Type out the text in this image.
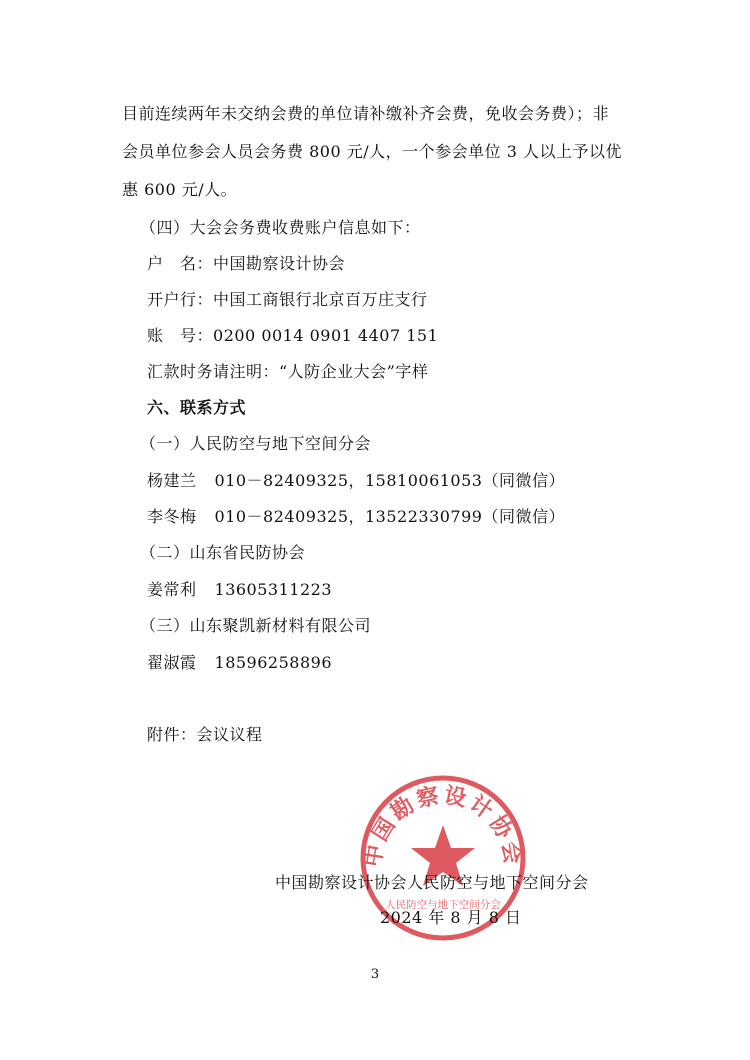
目前连续两年未交纳会费的单位请补缴补齐会费，免收会务费）；非
会员单位参会人员会务费 800 元/人，一个参会单位 3 人以上予以优
惠 600 元/人。
（四）大会会务费收费账户信息如下：
户　名：中国勘察设计协会
开户行：中国工商银行北京百万庄支行
账　号：0200 0014 0901 4407 151
汇款时务请注明：“人防企业大会”字样
六、联系方式
（一）人民防空与地下空间分会
杨建兰 010－82409325，15810061053（同微信）
李冬梅 010－82409325，13522330799（同微信）
（二）山东省民防协会
姜常利 13605311223
（三）山东聚凯新材料有限公司
翟淑霞 18596258896
附件：会议议程
中国勘察设计协会
人民防空与地下空间分会
中国勘察设计协会人民防空与地下空间分会
2024 年 8 月 8 日
3
